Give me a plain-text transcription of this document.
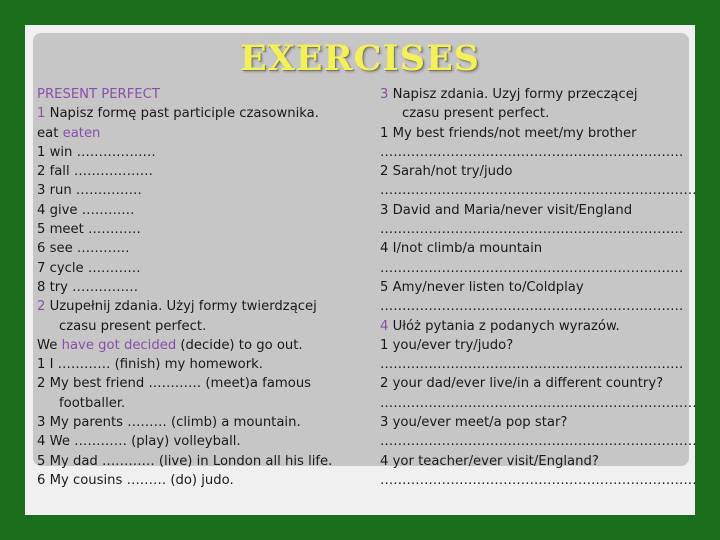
EXERCISES
PRESENT PERFECT
1 Napisz formę past participle czasownika.
eat eaten
1 win ………………
2 fall ………………
3 run ……………
4 give …………
5 meet …………
6 see …………
7 cycle …………
8 try ……………
2 Uzupełnij zdania. Użyj formy twierdzącej
czasu present perfect.
We have got decided (decide) to go out.
1 I ………… (finish) my homework.
2 My best friend ………… (meet)a famous
footballer.
3 My parents ……… (climb) a mountain.
4 We ………… (play) volleyball.
5 My dad ………… (live) in London all his life.
6 My cousins ……… (do) judo.
3 Napisz zdania. Uzyj formy przeczącej
czasu present perfect.
1 My best friends/not meet/my brother
……………………………………………………………
2 Sarah/not try/judo
………………………………………………………………
3 David and Maria/never visit/England
……………………………………………………………
4 I/not climb/a mountain
……………………………………………………………
5 Amy/never listen to/Coldplay
……………………………………………………………
4 Ułóż pytania z podanych wyrazów.
1 you/ever try/judo?
……………………………………………………………
2 your dad/ever live/in a different country?
………………………………………………………………
3 you/ever meet/a pop star?
………………………………………………………………
4 yor teacher/ever visit/England?
………………………………………………………………
